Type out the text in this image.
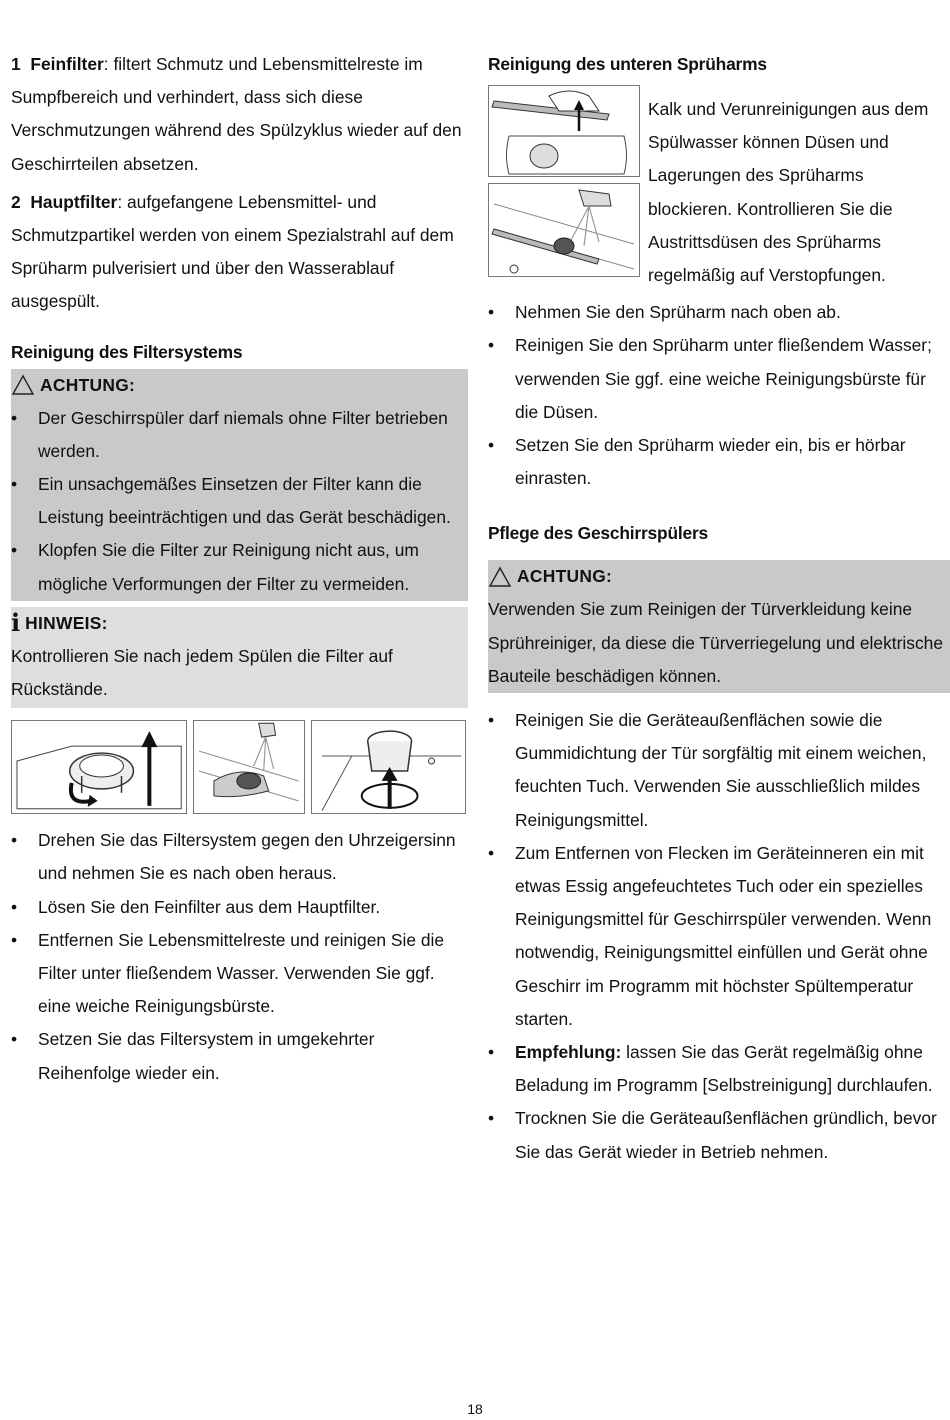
1 Feinfilter: filtert Schmutz und Lebensmittelreste im Sumpfbereich und verhindert, dass sich diese Verschmutzungen während des Spülzyklus wieder auf den Geschirrteilen absetzen.

2 Hauptfilter: aufgefangene Lebensmittel- und Schmutzpartikel werden von einem Spezialstrahl auf dem Sprüharm pulverisiert und über den Wasserablauf ausgespült.

Reinigung des Filtersystems

ACHTUNG:
•	Der Geschirrspüler darf niemals ohne Filter betrieben werden.
•	Ein unsachgemäßes Einsetzen der Filter kann die Leistung beeinträchtigen und das Gerät beschädigen.
•	Klopfen Sie die Filter zur Reinigung nicht aus, um mögliche Verformungen der Filter zu vermeiden.
i HINWEIS:

Kontrollieren Sie nach jedem Spülen die Filter auf Rückstände.

•	Drehen Sie das Filtersystem gegen den Uhrzeigersinn und nehmen Sie es nach oben heraus.
•	Lösen Sie den Feinfilter aus dem Hauptfilter.
•	Entfernen Sie Lebensmittelreste und reinigen Sie die Filter unter fließendem Wasser. Verwenden Sie ggf. eine weiche Reinigungsbürste.
•	Setzen Sie das Filtersystem in umgekehrter Reihenfolge wieder ein.

Reinigung des unteren Sprüharms

Kalk und Verunreinigungen aus dem Spülwasser können Düsen und Lagerungen des Sprüharms blockieren. Kontrollieren Sie die Austrittsdüsen des Sprüharms regelmäßig auf Verstopfungen.

•	Nehmen Sie den Sprüharm nach oben ab.
•	Reinigen Sie den Sprüharm unter fließendem Wasser; verwenden Sie ggf. eine weiche Reinigungsbürste für die Düsen.
•	Setzen Sie den Sprüharm wieder ein, bis er hörbar einrasten.

Pflege des Geschirrspülers

ACHTUNG:

Verwenden Sie zum Reinigen der Türverkleidung keine Sprühreiniger, da diese die Türverriegelung und elektrische Bauteile beschädigen können.

•	Reinigen Sie die Geräteaußenflächen sowie die Gummidichtung der Tür sorgfältig mit einem weichen, feuchten Tuch. Verwenden Sie ausschließlich mildes Reinigungsmittel.
•	Zum Entfernen von Flecken im Geräteinneren ein mit etwas Essig angefeuchtetes Tuch oder ein spezielles Reinigungsmittel für Geschirrspüler verwenden. Wenn notwendig, Reinigungsmittel einfüllen und Gerät ohne Geschirr im Programm mit höchster Spültemperatur starten.
•	Empfehlung: lassen Sie das Gerät regelmäßig ohne Beladung im Programm [Selbstreinigung] durchlaufen.
•	Trocknen Sie die Geräteaußenflächen gründlich, bevor Sie das Gerät wieder in Betrieb nehmen.
18
